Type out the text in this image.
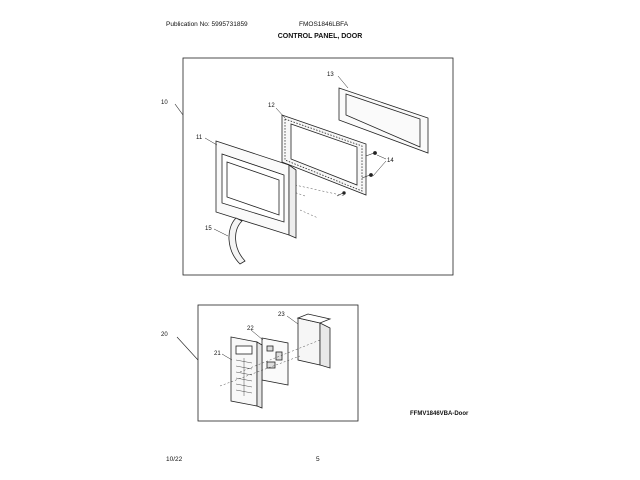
Publication No: 5995731859	FMOS1846LBFA
CONTROL PANEL, DOOR
10
13
12
14
11
15
20
23
22
21
FFMV1846VBA-Door
10/22	5
